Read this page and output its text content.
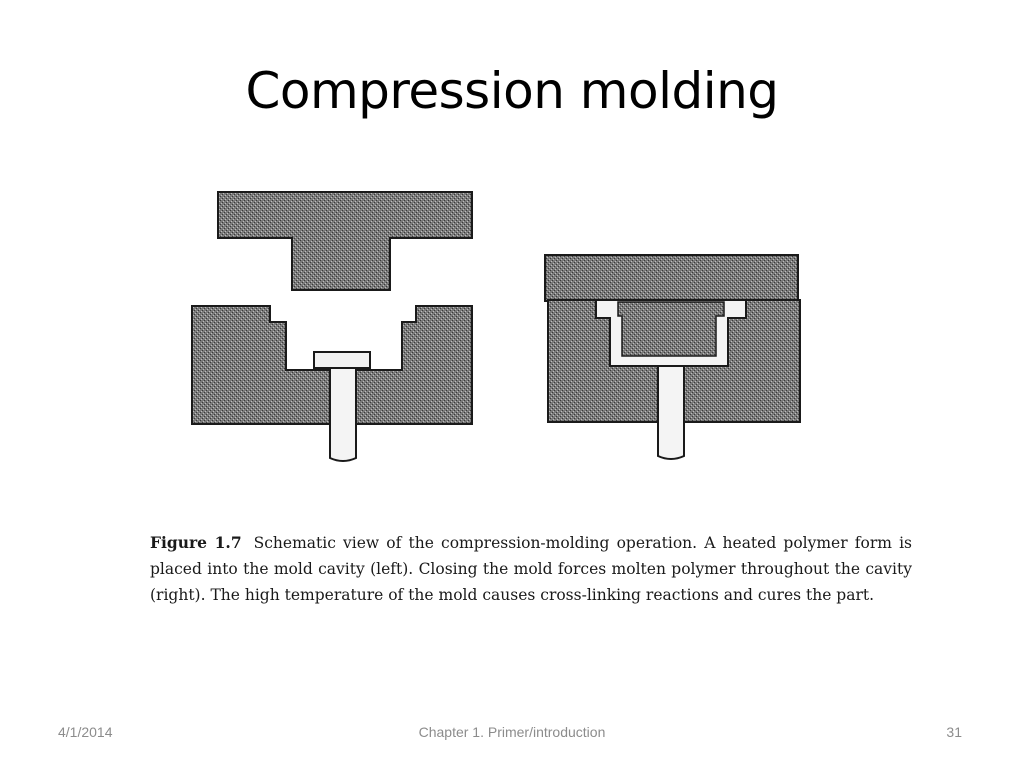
Compression molding
Figure 1.7 Schematic view of the compression-molding operation. A heated polymer form is placed into the mold cavity (left). Closing the mold forces molten polymer throughout the cavity (right). The high temperature of the mold causes cross-linking reactions and cures the part.
4/1/2014	Chapter 1. Primer/introduction	31
